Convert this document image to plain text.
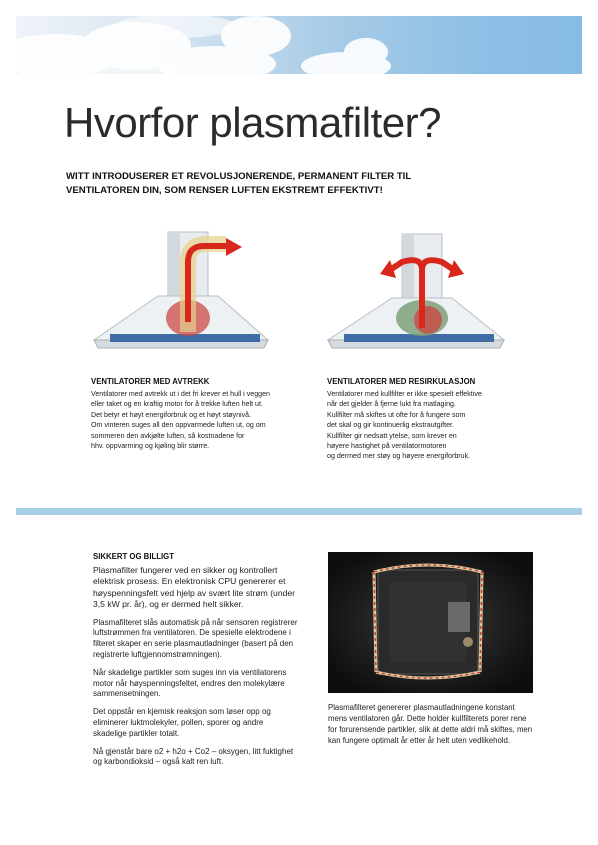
Hvorfor plasmafilter?

WITT INTRODUSERER ET REVOLUSJONERENDE, PERMANENT FILTER TIL VENTILATOREN DIN, SOM RENSER LUFTEN EKSTREMT EFFEKTIVT!

VENTILATORER MED AVTREKK

Ventilatorer med avtrekk ut i det fri krever et hull i veggen
eller taket og en kraftig motor for å trekke luften helt ut.
Det betyr et høyt energiforbruk og et høyt støynivå.
Om vinteren suges all den oppvarmede luften ut, og om
sommeren den avkjølte luften, så kostnadene for
hhv. oppvarming og kjøling blir større.

VENTILATORER MED RESIRKULASJON

Ventilatorer med kullfilter er ikke spesielt effektive
når det gjelder å fjerne lukt fra matlaging.
Kullfilter må skiftes ut ofte for å fungere som
det skal og gir kontinuerlig ekstrautgifter.
Kullfilter gir nedsatt ytelse, som krever en
høyere hastighet på ventilatormotoren
og dermed mer støy og høyere energiforbruk.

SIKKERT OG BILLIGT

Plasmafilter fungerer ved en sikker og kontrollert elektrisk prosess. En elektronisk CPU genererer et høyspenningsfelt ved hjelp av svært lite strøm (under 3,5 kW pr. år), og er dermed helt sikker.

Plasmafilteret slås automatisk på når sensoren registrerer luftstrømmen fra ventilatoren. De spesielle elektrodene i filteret skaper en serie plasmautladninger (basert på den registrerte luftgjennomstrømningen).

Når skadelige partikler som suges inn via ventilatorens motor når høyspenningsfeltet, endres den molekylære sammensetningen.

Det oppstår en kjemisk reaksjon som løser opp og eliminerer luktmolekyler, pollen, sporer og andre skadelige partikler totalt.

Nå gjenstår bare o2 + h2o + Co2 – oksygen, litt fuktighet og karbondioksid – også kalt ren luft.

Plasmafilteret genererer plasmautladningene konstant mens ventilatoren går. Dette holder kullfilterets porer rene for forurensende partikler, slik at dette aldri må skiftes, men kan fungere optimalt år etter år helt uten vedlikehold.
